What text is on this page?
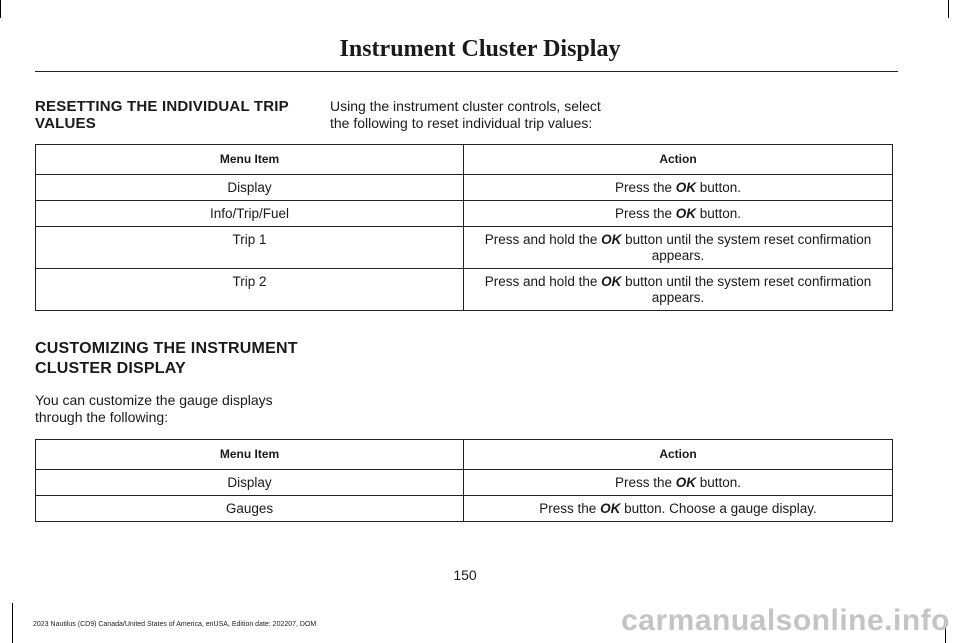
Instrument Cluster Display
RESETTING THE INDIVIDUAL TRIP VALUES
Using the instrument cluster controls, select the following to reset individual trip values:
Menu Item	Action
Display	Press the OK button.
Info/Trip/Fuel	Press the OK button.
Trip 1	Press and hold the OK button until the system reset confirmation appears.
Trip 2	Press and hold the OK button until the system reset confirmation appears.
CUSTOMIZING THE INSTRUMENT
CLUSTER DISPLAY
You can customize the gauge displays through the following:
Menu Item	Action
Display	Press the OK button.
Gauges	Press the OK button. Choose a gauge display.
150
2023 Nautilus (CD9) Canada/United States of America, enUSA, Edition date: 202207, DOM	carmanualsonline.info
